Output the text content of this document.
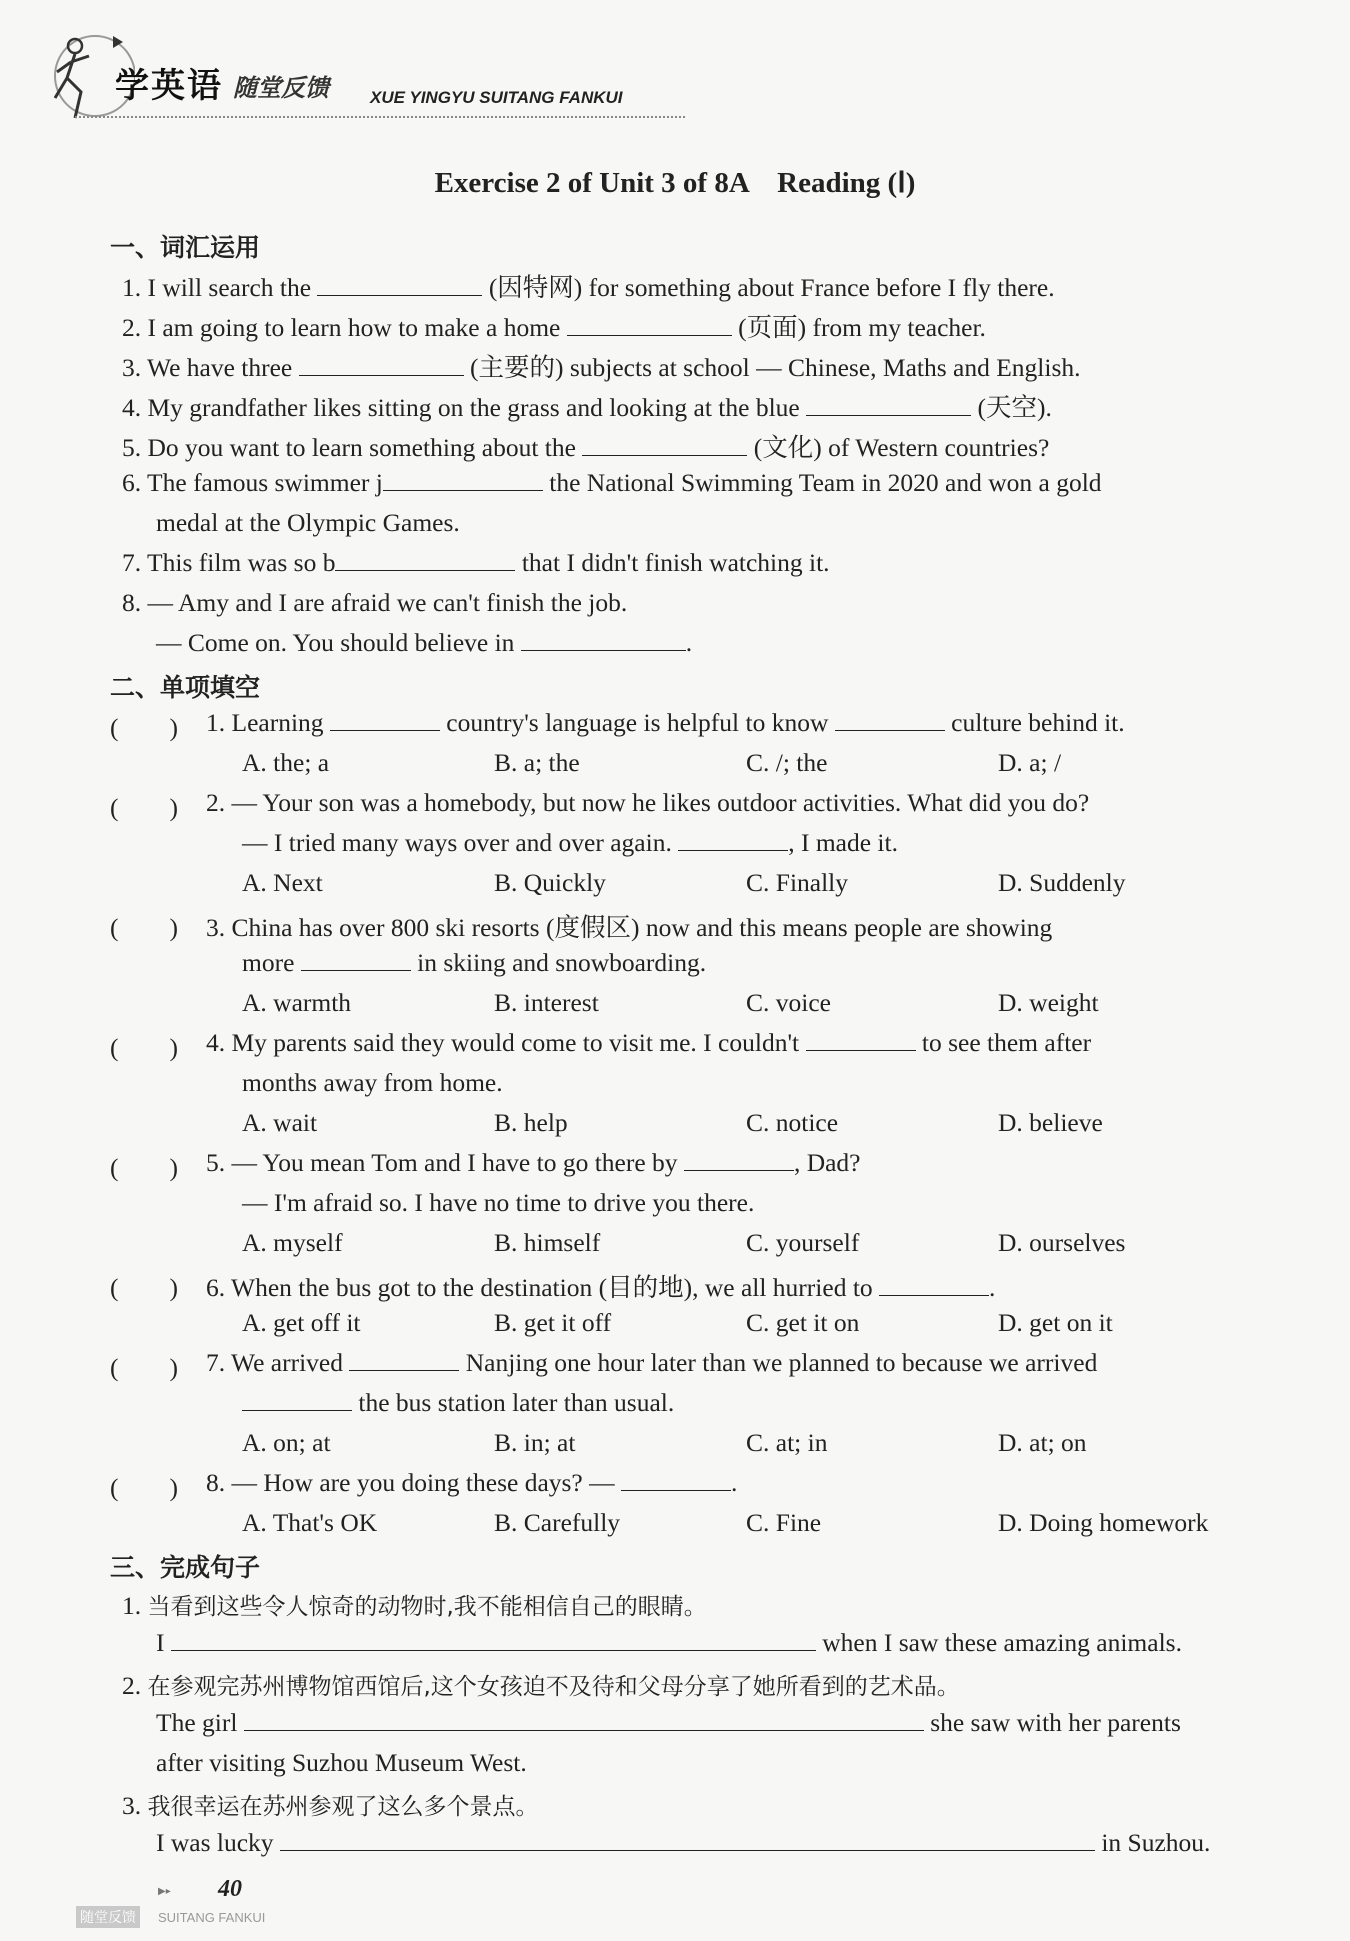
学英语 随堂反馈 XUE YINGYU SUITANG FANKUI
Exercise 2 of Unit 3 of 8A　Reading (Ⅰ)
一、词汇运用
1. I will search the	(因特网) for something about France before I fly there.
2. I am going to learn how to make a home	(页面) from my teacher.
3. We have three	(主要的) subjects at school — Chinese, Maths and English.
4. My grandfather likes sitting on the grass and looking at the blue	(天空).
5. Do you want to learn something about the	(文化) of Western countries?
6. The famous swimmer j	the National Swimming Team in 2020 and won a gold
medal at the Olympic Games.
7. This film was so b	that I didn't finish watching it.
8. — Amy and I are afraid we can't finish the job.
— Come on. You should believe in	.
二、单项填空
(　　) 1. Learning	country's language is helpful to know	culture behind it.
A. the; a	B. a; the	C. /; the	D. a; /
(　　) 2. — Your son was a homebody, but now he likes outdoor activities. What did you do?
— I tried many ways over and over again.	, I made it.
A. Next	B. Quickly	C. Finally	D. Suddenly
(　　) 3. China has over 800 ski resorts (度假区) now and this means people are showing
more	in skiing and snowboarding.
A. warmth	B. interest	C. voice	D. weight
(　　) 4. My parents said they would come to visit me. I couldn't	to see them after
months away from home.
A. wait	B. help	C. notice	D. believe
(　　) 5. — You mean Tom and I have to go there by	, Dad?
— I'm afraid so. I have no time to drive you there.
A. myself	B. himself	C. yourself	D. ourselves
(　　) 6. When the bus got to the destination (目的地), we all hurried to	.
A. get off it	B. get it off	C. get it on	D. get on it
(　　) 7. We arrived	Nanjing one hour later than we planned to because we arrived
the bus station later than usual.
A. on; at	B. in; at	C. at; in	D. at; on
(　　) 8. — How are you doing these days? —	.
A. That's OK	B. Carefully	C. Fine	D. Doing homework
三、完成句子
1. 当看到这些令人惊奇的动物时,我不能相信自己的眼睛。
I	when I saw these amazing animals.
2. 在参观完苏州博物馆西馆后,这个女孩迫不及待和父母分享了她所看到的艺术品。
The girl	she saw with her parents
after visiting Suzhou Museum West.
3. 我很幸运在苏州参观了这么多个景点。
I was lucky	in Suzhou.
▶▸ 40
随堂反馈	SUITANG FANKUI
